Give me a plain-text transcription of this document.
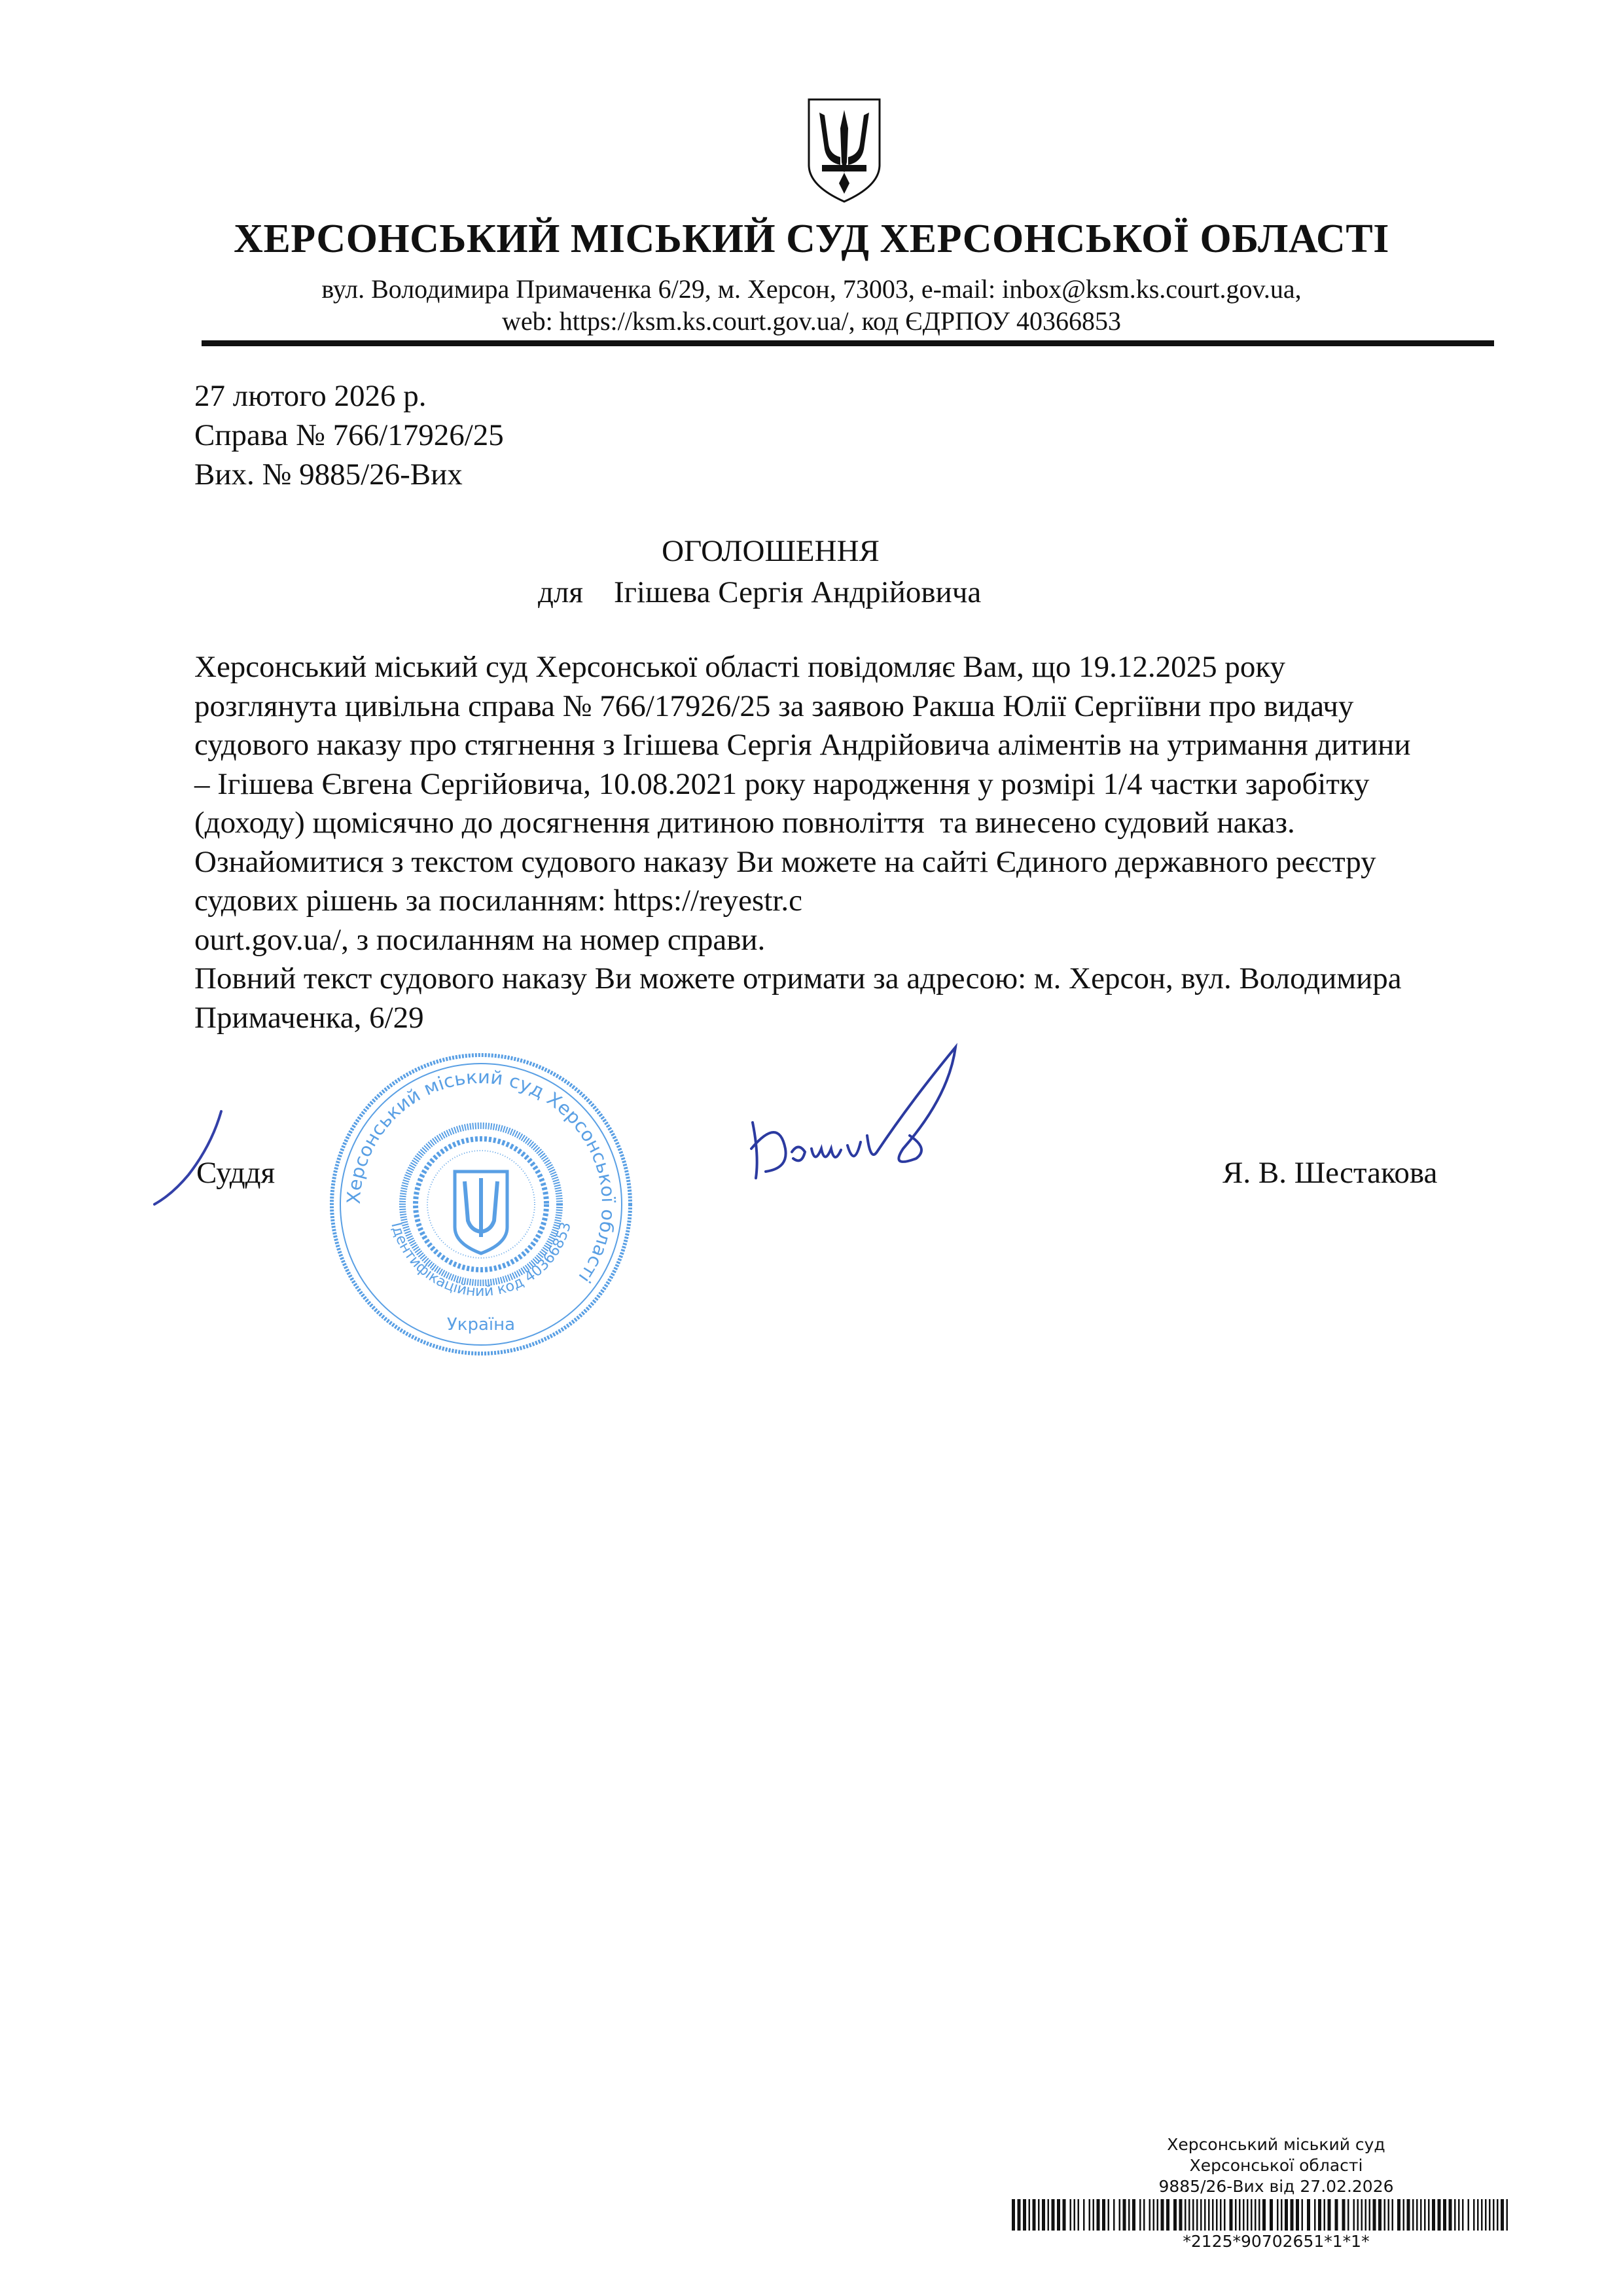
ХЕРСОНСЬКИЙ МІСЬКИЙ СУД ХЕРСОНСЬКОЇ ОБЛАСТІ
вул. Володимира Примаченка 6/29, м. Херсон, 73003, e-mail: inbox@ksm.ks.court.gov.ua,
web: https://ksm.ks.court.gov.ua/, код ЄДРПОУ 40366853
27 лютого 2026 р.
Справа № 766/17926/25
Вих. № 9885/26-Вих
ОГОЛОШЕННЯ
для    Ігішева Сергія Андрійовича
Херсонський міський суд Херсонської області повідомляє Вам, що 19.12.2025 року
розглянута цивільна справа № 766/17926/25 за заявою Ракша Юлії Сергіївни про видачу
судового наказу про стягнення з Ігішева Сергія Андрійовича аліментів на утримання дитини
– Ігішева Євгена Сергійовича, 10.08.2021 року народження у розмірі 1/4 частки заробітку
(доходу) щомісячно до досягнення дитиною повноліття  та винесено судовий наказ.
Ознайомитися з текстом судового наказу Ви можете на сайті Єдиного державного реєстру
судових рішень за посиланням: https://reyestr.c
ourt.gov.ua/, з посиланням на номер справи.
Повний текст судового наказу Ви можете отримати за адресою: м. Херсон, вул. Володимира
Примаченка, 6/29
Суддя
Херсонський міський суд Херсонської області
Ідентифікаційний код 40366853
Україна
Я. В. Шестакова
Херсонський міський суд
Херсонської області
9885/26-Вих від 27.02.2026
*2125*90702651*1*1*
